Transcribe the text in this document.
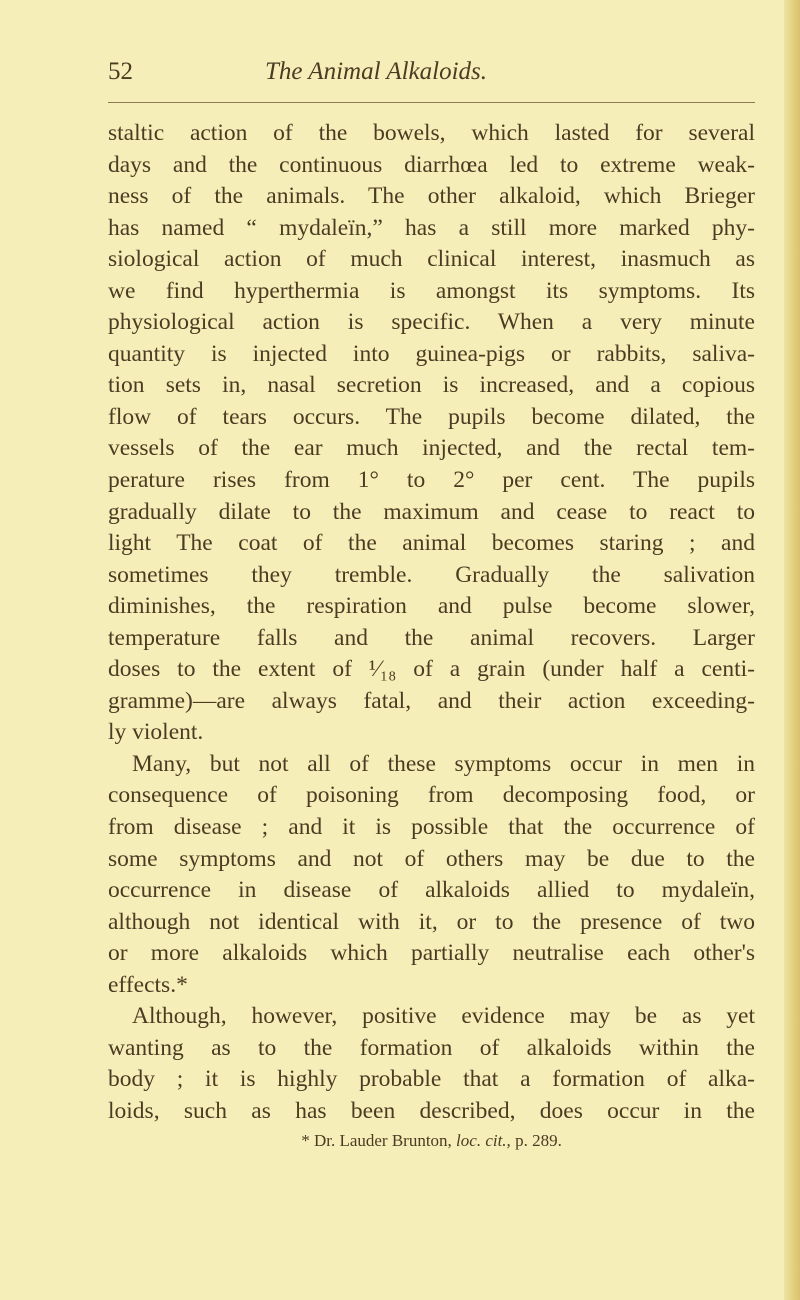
52	The Animal Alkaloids.
staltic action of the bowels, which lasted for several
days and the continuous diarrhœa led to extreme weak-
ness of the animals. The other alkaloid, which Brieger
has named “ mydaleïn,” has a still more marked phy-
siological action of much clinical interest, inasmuch as
we find hyperthermia is amongst its symptoms. Its
physiological action is specific. When a very minute
quantity is injected into guinea-pigs or rabbits, saliva-
tion sets in, nasal secretion is increased, and a copious
flow of tears occurs. The pupils become dilated, the
vessels of the ear much injected, and the rectal tem-
perature rises from 1° to 2° per cent. The pupils
gradually dilate to the maximum and cease to react to
light The coat of the animal becomes staring ; and
sometimes they tremble. Gradually the salivation
diminishes, the respiration and pulse become slower,
temperature falls and the animal recovers. Larger
doses to the extent of ¹⁄₁₈ of a grain (under half a centi-
gramme)—are always fatal, and their action exceeding-
ly violent.
Many, but not all of these symptoms occur in men in
consequence of poisoning from decomposing food, or
from disease ; and it is possible that the occurrence of
some symptoms and not of others may be due to the
occurrence in disease of alkaloids allied to mydaleïn,
although not identical with it, or to the presence of two
or more alkaloids which partially neutralise each other's
effects.*
Although, however, positive evidence may be as yet
wanting as to the formation of alkaloids within the
body ; it is highly probable that a formation of alka-
loids, such as has been described, does occur in the
* Dr. Lauder Brunton, loc. cit., p. 289.
